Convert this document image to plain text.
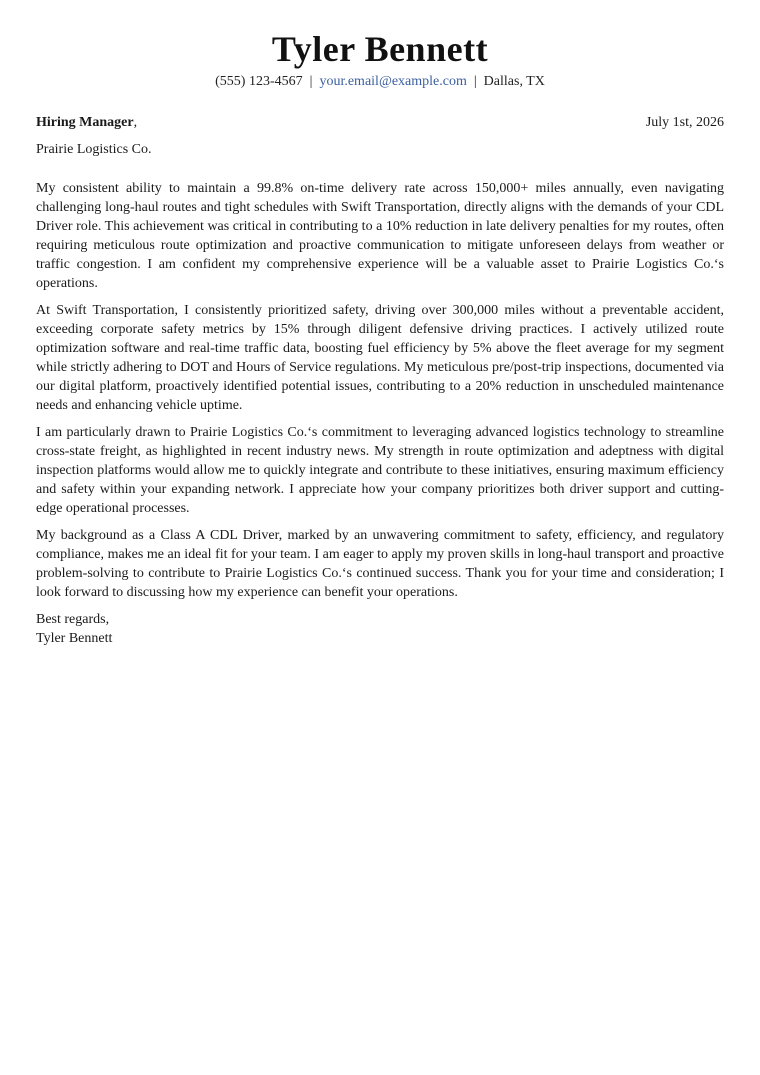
Tyler Bennett
(555) 123-4567 | your.email@example.com | Dallas, TX
Hiring Manager,	July 1st, 2026
Prairie Logistics Co.

My consistent ability to maintain a 99.8% on-time delivery rate across 150,000+ miles annually, even navigating challenging long-haul routes and tight schedules with Swift Transportation, directly aligns with the demands of your CDL Driver role. This achievement was critical in contributing to a 10% reduction in late delivery penalties for my routes, often requiring meticulous route optimization and proactive communication to mitigate unforeseen delays from weather or traffic congestion. I am confident my comprehensive experience will be a valuable asset to Prairie Logistics Co.‘s operations.

At Swift Transportation, I consistently prioritized safety, driving over 300,000 miles without a preventable accident, exceeding corporate safety metrics by 15% through diligent defensive driving practices. I actively utilized route optimization software and real-time traffic data, boosting fuel efficiency by 5% above the fleet average for my segment while strictly adhering to DOT and Hours of Service regulations. My meticulous pre/post-trip inspections, documented via our digital platform, proactively identified potential issues, contributing to a 20% reduction in unscheduled maintenance needs and enhancing vehicle uptime.

I am particularly drawn to Prairie Logistics Co.‘s commitment to leveraging advanced logistics technology to streamline cross-state freight, as highlighted in recent industry news. My strength in route optimization and adeptness with digital inspection platforms would allow me to quickly integrate and contribute to these initiatives, ensuring maximum efficiency and safety within your expanding network. I appreciate how your company prioritizes both driver support and cutting-edge operational processes.

My background as a Class A CDL Driver, marked by an unwavering commitment to safety, efficiency, and regulatory compliance, makes me an ideal fit for your team. I am eager to apply my proven skills in long-haul transport and proactive problem-solving to contribute to Prairie Logistics Co.‘s continued success. Thank you for your time and consideration; I look forward to discussing how my experience can benefit your operations.

Best regards,
Tyler Bennett
